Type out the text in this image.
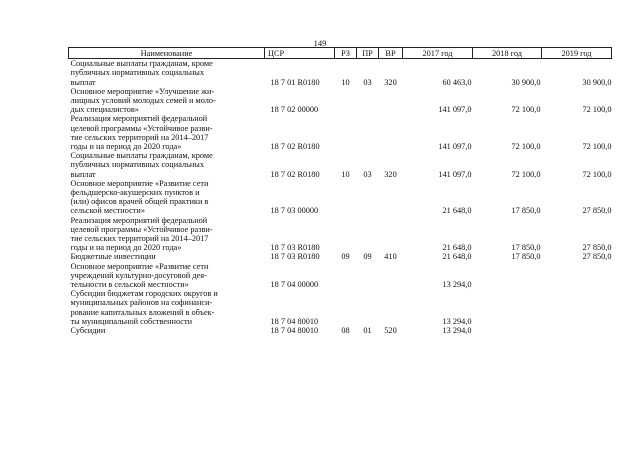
149
Наименование	ЦСР	РЗ	ПР	ВР	2017 год	2018 год	2019 год

Социальные выплаты гражданам, кроме
публичных нормативных социальных
выплат	18 7 01 R0180	10	03	320	60 463,0	30 900,0	30 900,0

Основное мероприятие «Улучшение жи-
лищных условий молодых семей и моло-
дых специалистов»	18 7 02 00000				141 097,0	72 100,0	72 100,0

Реализация мероприятий федеральной
целевой программы «Устойчивое разви-
тие сельских территорий на 2014–2017
годы и на период до 2020 года»	18 7 02 R0180				141 097,0	72 100,0	72 100,0

Социальные выплаты гражданам, кроме
публичных нормативных социальных
выплат	18 7 02 R0180	10	03	320	141 097,0	72 100,0	72 100,0

Основное мероприятие «Развитие сети
фельдшерско-акушерских пунктов и
(или) офисов врачей общей практики в
сельской местности»	18 7 03 00000				21 648,0	17 850,0	27 850,0

Реализация мероприятий федеральной
целевой программы «Устойчивое разви-
тие сельских территорий на 2014–2017
годы и на период до 2020 года»	18 7 03 R0180				21 648,0	17 850,0	27 850,0

Бюджетные инвестиции	18 7 03 R0180	09	09	410	21 648,0	17 850,0	27 850,0

Основное мероприятие «Развитие сети
учреждений культурно-досуговой дея-
тельности в сельской местности»	18 7 04 00000				13 294,0		

Субсидии бюджетам городских округов и
муниципальных районов на софинанси-
рование капитальных вложений в объек-
ты муниципальной собственности	18 7 04 80010				13 294,0		

Субсидии	18 7 04 80010	08	01	520	13 294,0		
